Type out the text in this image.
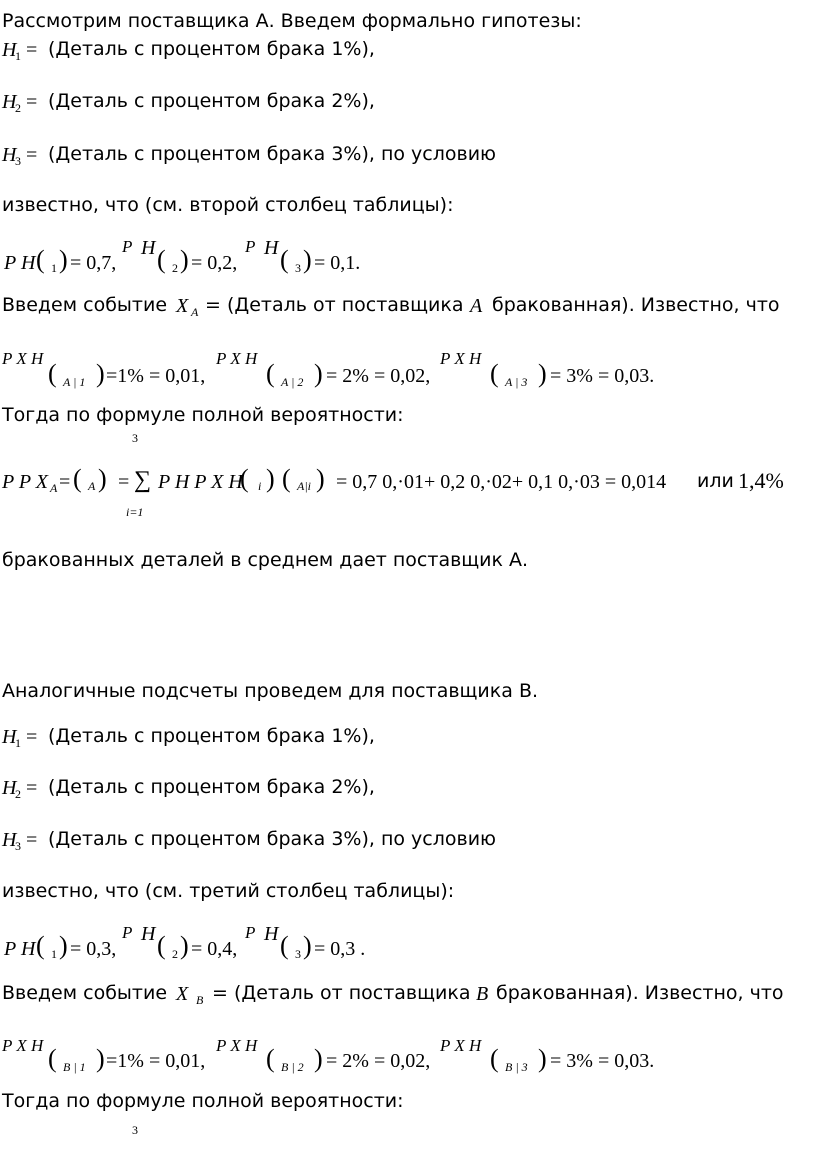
Рассмотрим поставщика А. Введем формально гипотезы:
H
1 = (Деталь с процентом брака 1%),
H
2 = (Деталь с процентом брака 2%),
H
3 = (Деталь с процентом брака 3%), по условию
известно, что (см. второй столбец таблицы):
P H ( 1 ) = 0,7,
P H ( 2 ) = 0,2,
P H ( 3 ) = 0,1.
Введем событие X A = (Деталь от поставщика A бракованная). Известно, что
P X H
( A | 1 ) =1% = 0,01,
P X H
( A | 2 ) = 2% = 0,02,
P X H
( A | 3 ) = 3% = 0,03.
Тогда по формуле полной вероятности:
3
P P X A = ( A ) = ∑ P H P X H
( i ) ( A|i ) = 0,7 0,·01+ 0,2 0,·02+ 0,1 0,·03 = 0,014 или 1,4%
i=1
бракованных деталей в среднем дает поставщик А.
Аналогичные подсчеты проведем для поставщика В.
H
1 = (Деталь с процентом брака 1%),
H
2 = (Деталь с процентом брака 2%),
H
3 = (Деталь с процентом брака 3%), по условию
известно, что (см. третий столбец таблицы):
P H ( 1 ) = 0,3,
P H ( 2 ) = 0,4,
P H ( 3 ) = 0,3 .
Введем событие X B = (Деталь от поставщика B бракованная). Известно, что
P X H ( B | 1 ) =1% = 0,01,
P X H ( B | 2 ) = 2% = 0,02,
P X H ( B | 3 ) = 3% = 0,03.
Тогда по формуле полной вероятности:
3
